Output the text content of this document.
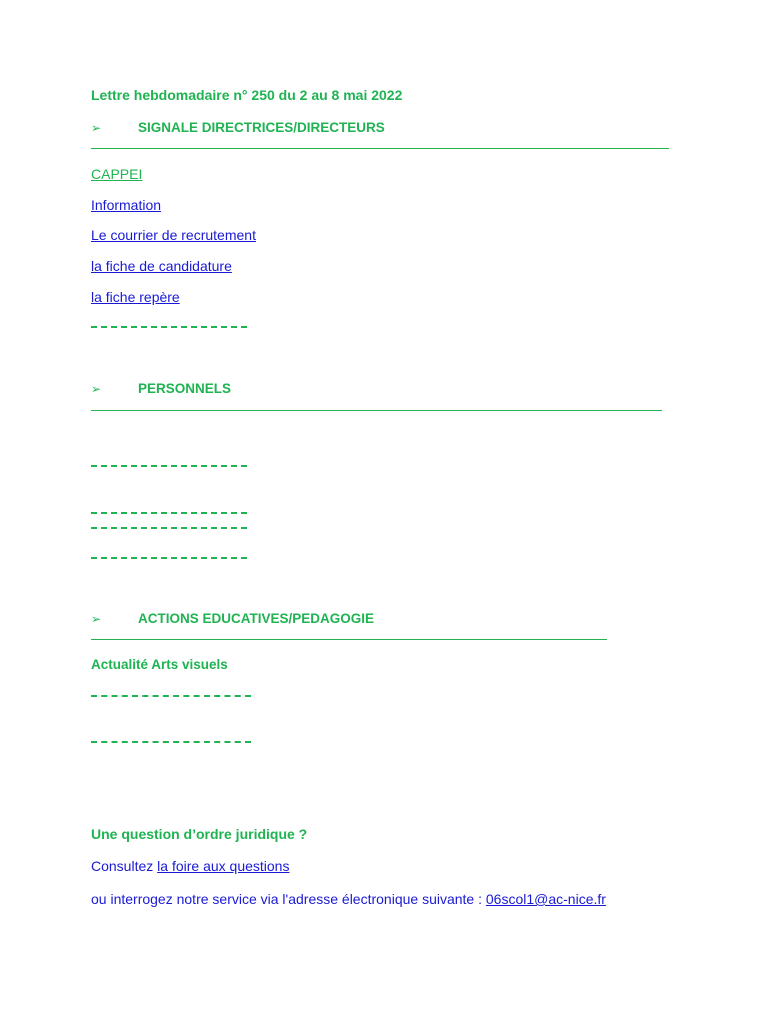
Lettre hebdomadaire n° 250 du 2 au 8 mai 2022
➢	SIGNALE DIRECTRICES/DIRECTEURS
CAPPEI
Information
Le courrier de recrutement
la fiche de candidature
la fiche repère
➢	PERSONNELS
➢	ACTIONS EDUCATIVES/PEDAGOGIE
Actualité Arts visuels
Une question d’ordre juridique ?
Consultez la foire aux questions
ou interrogez notre service via l'adresse électronique suivante : 06scol1@ac-nice.fr
